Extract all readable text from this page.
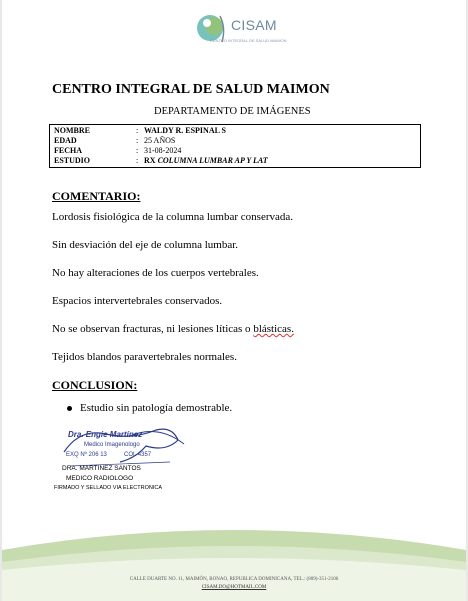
CISAM
CENTRO INTEGRAL DE SALUD MAIMON
CENTRO INTEGRAL DE SALUD MAIMON
DEPARTAMENTO DE IMÁGENES
NOMBRE	: WALDY R. ESPINAL S
EDAD	: 25 AÑOS
FECHA	: 31-08-2024
ESTUDIO	: RX COLUMNA LUMBAR AP Y LAT
COMENTARIO:
Lordosis fisiológica de la columna lumbar conservada.
Sin desviación del eje de columna lumbar.
No hay alteraciones de los cuerpos vertebrales.
Espacios intervertebrales conservados.
No se observan fracturas, ni lesiones líticas o blásticas.
Tejidos blandos paravertebrales normales.
CONCLUSION:
Estudio sin patología demostrable.
Dra. Engie Martínez
Medico Imagenologo
EXQ Nº 206 13	COL 4357
DRA. MARTINEZ SANTOS
MEDICO RADIOLOGO
FIRMADO Y SELLADO VIA ELECTRONICA
CALLE DUARTE NO. 11, MAIMÓN, BONAO, REPUBLICA DOMINICANA, TEL.: (809)-351-2106
CISAM.DO@HOTMAIL.COM
